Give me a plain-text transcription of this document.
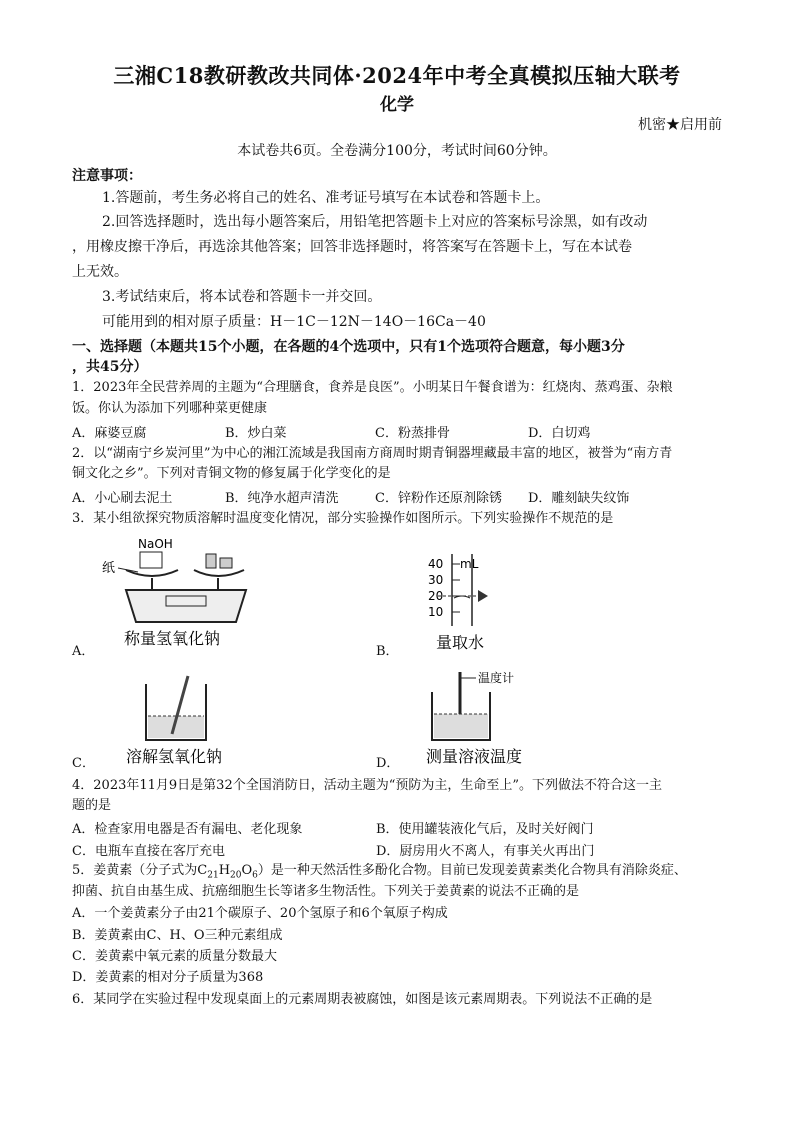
三湘C18教研教改共同体·2024年中考全真模拟压轴大联考
化学
机密★启用前
本试卷共6页。全卷满分100分，考试时间60分钟。
注意事项：
1.答题前，考生务必将自己的姓名、准考证号填写在本试卷和答题卡上。
2.回答选择题时，选出每小题答案后，用铅笔把答题卡上对应的答案标号涂黑，如有改动
，用橡皮擦干净后，再选涂其他答案；回答非选择题时，将答案写在答题卡上，写在本试卷
上无效。
3.考试结束后，将本试卷和答题卡一并交回。
可能用到的相对原子质量：H－1C－12N－14O－16Ca－40
一、选择题（本题共15个小题，在各题的4个选项中，只有1个选项符合题意，每小题3分
，共45分）
1．2023年全民营养周的主题为“合理膳食，食养是良医”。小明某日午餐食谱为：红烧肉、蒸鸡蛋、杂粮
饭。你认为添加下列哪种菜更健康
A．麻婆豆腐	B．炒白菜	C．粉蒸排骨	D．白切鸡
2．以“湖南宁乡炭河里”为中心的湘江流域是我国南方商周时期青铜器埋藏最丰富的地区，被誉为“南方青
铜文化之乡”。下列对青铜文物的修复属于化学变化的是
A．小心刷去泥土	B．纯净水超声清洗	C．锌粉作还原剂除锈 D．雕刻缺失纹饰
3．某小组欲探究物质溶解时温度变化情况，部分实验操作如图所示。下列实验操作不规范的是
NaOH
纸
称量氢氧化钠
A．
mL
40
30
20
10
量取水
B．
溶解氢氧化钠
C．
温度计
测量溶液温度
D．
4．2023年11月9日是第32个全国消防日，活动主题为“预防为主，生命至上”。下列做法不符合这一主
题的是
A．检查家用电器是否有漏电、老化现象	B．使用罐装液化气后，及时关好阀门
C．电瓶车直接在客厅充电	D．厨房用火不离人，有事关火再出门
5．姜黄素（分子式为$C_{21}H_{20}O_6$）是一种天然活性多酚化合物。目前已发现姜黄素类化合物具有消除炎症、
抑菌、抗自由基生成、抗癌细胞生长等诸多生物活性。下列关于姜黄素的说法不正确的是
A．一个姜黄素分子由21个碳原子、20个氢原子和6个氧原子构成
B．姜黄素由C、H、O三种元素组成
C．姜黄素中氧元素的质量分数最大
D．姜黄素的相对分子质量为368
6．某同学在实验过程中发现桌面上的元素周期表被腐蚀，如图是该元素周期表。下列说法不正确的是
